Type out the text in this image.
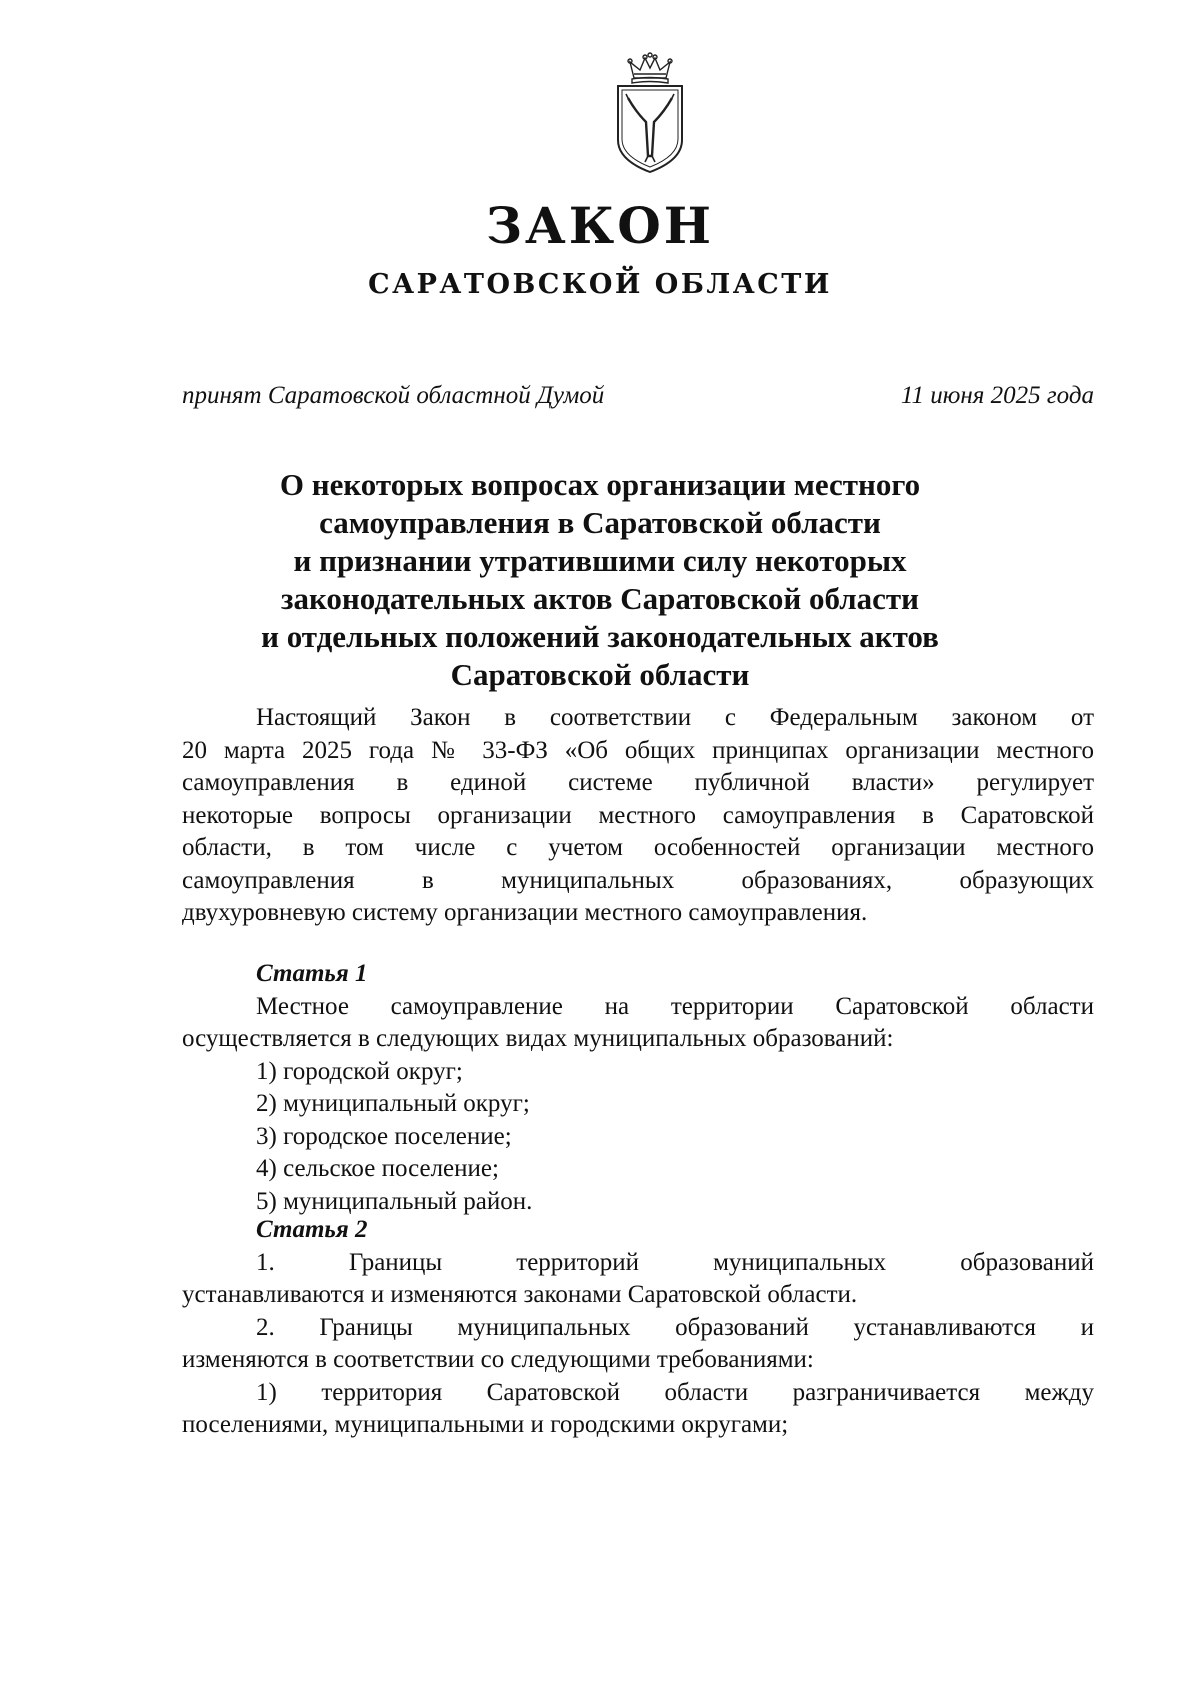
ЗАКОН
САРАТОВСКОЙ ОБЛАСТИ
принят Саратовской областной Думой	11 июня 2025 года
О некоторых вопросах организации местного
самоуправления в Саратовской области
и признании утратившими силу некоторых
законодательных актов Саратовской области
и отдельных положений законодательных актов
Саратовской области
Настоящий Закон в соответствии с Федеральным законом от
20 марта 2025 года № 33-ФЗ «Об общих принципах организации местного
самоуправления в единой системе публичной власти» регулирует
некоторые вопросы организации местного самоуправления в Саратовской
области, в том числе с учетом особенностей организации местного
самоуправления в муниципальных образованиях, образующих
двухуровневую систему организации местного самоуправления.
Статья 1
Местное самоуправление на территории Саратовской области
осуществляется в следующих видах муниципальных образований:
1) городской округ;
2) муниципальный округ;
3) городское поселение;
4) сельское поселение;
5) муниципальный район.
Статья 2
1. Границы территорий муниципальных образований
устанавливаются и изменяются законами Саратовской области.
2. Границы муниципальных образований устанавливаются и
изменяются в соответствии со следующими требованиями:
1) территория Саратовской области разграничивается между
поселениями, муниципальными и городскими округами;
